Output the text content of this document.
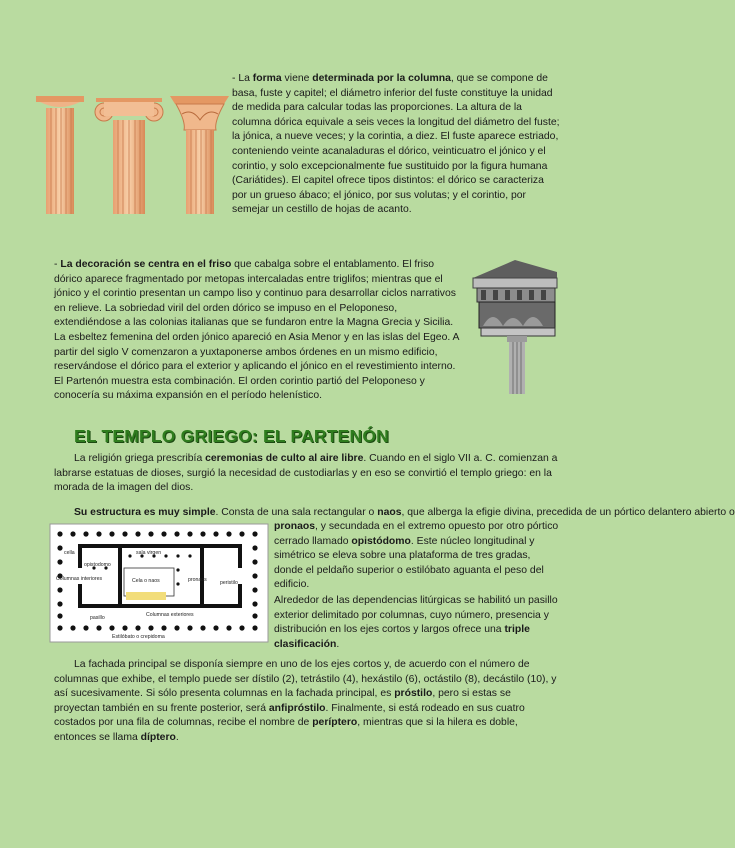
- La forma viene determinada por la columna, que se compone de basa, fuste y capitel; el diámetro inferior del fuste constituye la unidad de medida para calcular todas las proporciones. La altura de la columna dórica equivale a seis veces la longitud del diámetro del fuste; la jónica, a nueve veces; y la corintia, a diez. El fuste aparece estriado, conteniendo veinte acanaladuras el dórico, veinticuatro el jónico y el corintio, y solo excepcionalmente fue sustituido por la figura humana (Cariátides). El capitel ofrece tipos distintos: el dórico se caracteriza por un grueso ábaco; el jónico, por sus volutas; y el corintio, por semejar un cestillo de hojas de acanto.

- La decoración se centra en el friso que cabalga sobre el entablamento. El friso dórico aparece fragmentado por metopas intercaladas entre triglifos; mientras que el jónico y el corintio presentan un campo liso y continuo para desarrollar ciclos narrativos en relieve. La sobriedad viril del orden dórico se impuso en el Peloponeso, extendiéndose a las colonias italianas que se fundaron entre la Magna Grecia y Sicilia. La esbeltez femenina del orden jónico apareció en Asia Menor y en las islas del Egeo. A partir del siglo V comenzaron a yuxtaponerse ambos órdenes en un mismo edificio, reservándose el dórico para el exterior y aplicando el jónico en el revestimiento interno. El Partenón muestra esta combinación. El orden corintio partió del Peloponeso y conocería su máxima expansión en el período helenístico.

EL TEMPLO GRIEGO: EL PARTENÓN

La religión griega prescribía ceremonias de culto al aire libre. Cuando en el siglo VII a. C. comienzan a labrarse estatuas de dioses, surgió la necesidad de custodiarlas y en eso se convirtió el templo griego: en la morada de la imagen del dios.

cella	sala virgen
opistodomo
Columnas interiores	Cela o naos	pronaos	peristilo
Columnas exteriores
pasillo
Estilóbato o crepidoma

Su estructura es muy simple. Consta de una sala rectangular o naos, que alberga la efigie divina, precedida de un pórtico delantero abierto o

pronaos, y secundada en el extremo opuesto por otro pórtico cerrado llamado opistódomo. Este núcleo longitudinal y simétrico se eleva sobre una plataforma de tres gradas, donde el peldaño superior o estilóbato aguanta el peso del edificio.

Alrededor de las dependencias litúrgicas se habilitó un pasillo exterior delimitado por columnas, cuyo número, presencia y distribución en los ejes cortos y largos ofrece una triple clasificación.

La fachada principal se disponía siempre en uno de los ejes cortos y, de acuerdo con el número de columnas que exhibe, el templo puede ser dístilo (2), tetrástilo (4), hexástilo (6), octástilo (8), decástilo (10), y así sucesivamente. Si sólo presenta columnas en la fachada principal, es próstilo, pero si estas se proyectan también en su frente posterior, será anfipróstilo. Finalmente, si está rodeado en sus cuatro costados por una fila de columnas, recibe el nombre de períptero, mientras que si la hilera es doble, entonces se llama díptero.
